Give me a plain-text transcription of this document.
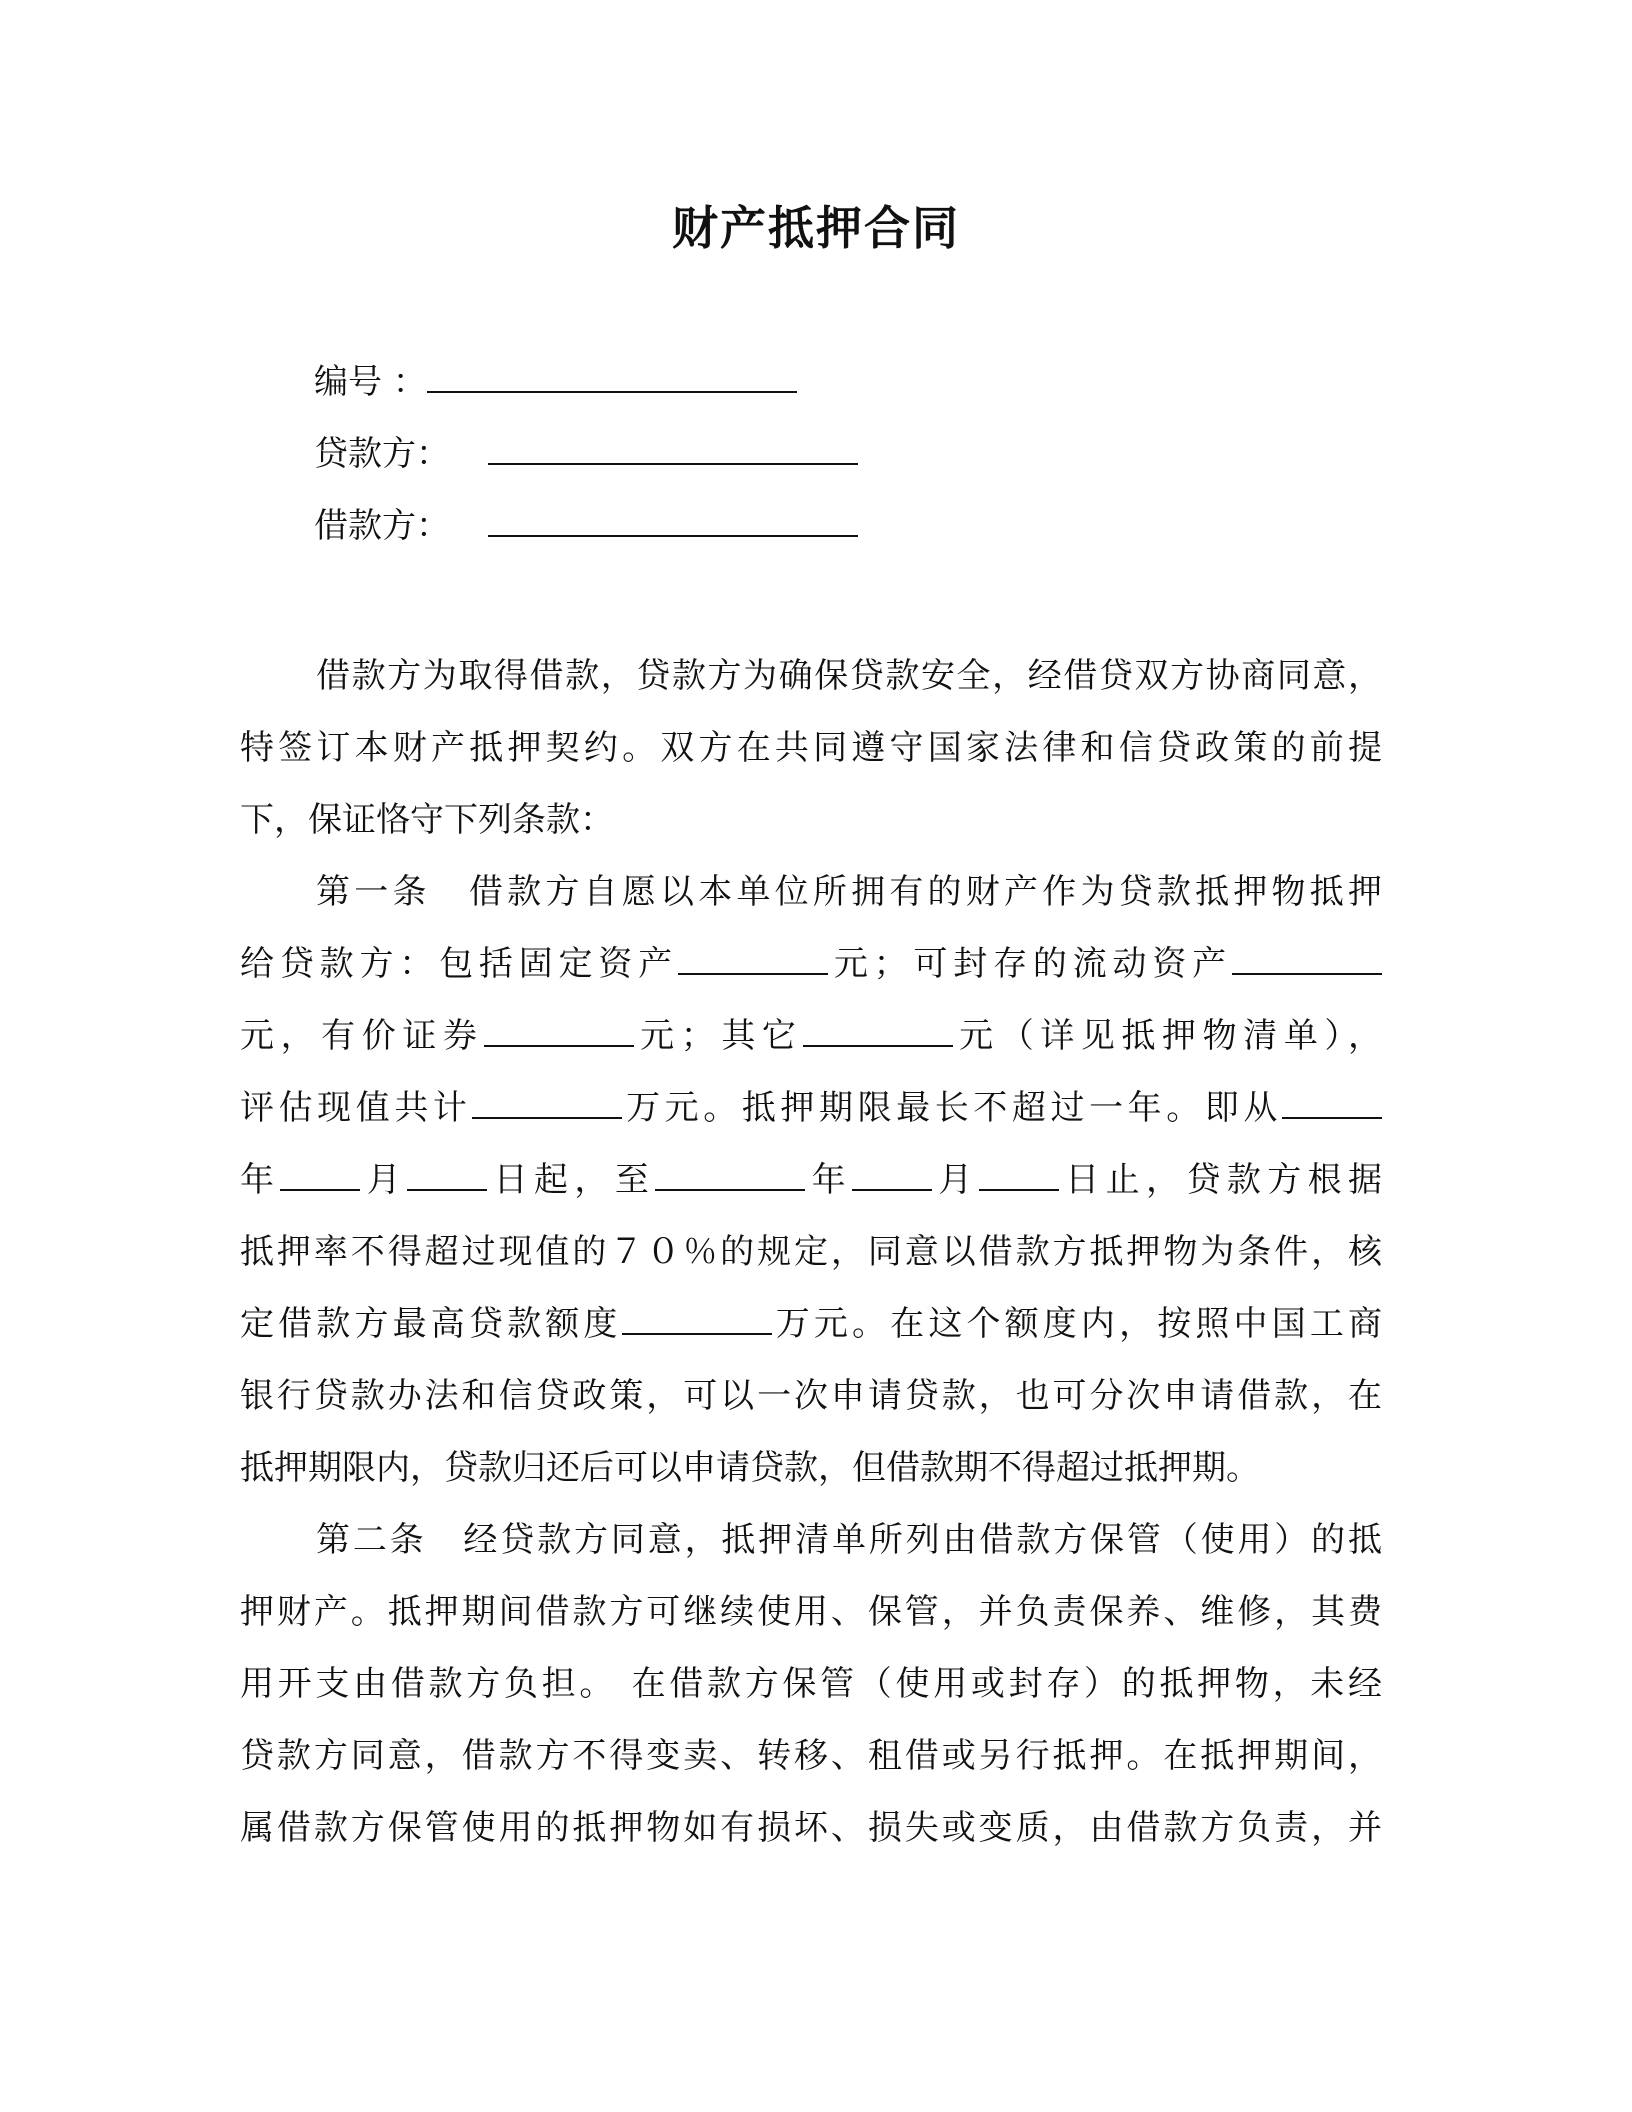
财产抵押合同
编号 ：
贷款方：
借款方：
借款方为取得借款，贷款方为确保贷款安全，经借贷双方协商同意，
特签订本财产抵押契约。双方在共同遵守国家法律和信贷政策的前提
下，保证恪守下列条款：
第一条　借款方自愿以本单位所拥有的财产作为贷款抵押物抵押
给贷款方：包括固定资产	元；可封存的流动资产
元，有价证券	元；其它	元（详见抵押物清单），
评估现值共计	万元。抵押期限最长不超过一年。即从
年 月 日起，至	年 月 日止，贷款方根据
抵押率不得超过现值的７０％的规定，同意以借款方抵押物为条件，核
定借款方最高贷款额度	万元。在这个额度内，按照中国工商
银行贷款办法和信贷政策，可以一次申请贷款，也可分次申请借款，在
抵押期限内，贷款归还后可以申请贷款，但借款期不得超过抵押期。
第二条　经贷款方同意，抵押清单所列由借款方保管（使用）的抵
押财产。抵押期间借款方可继续使用、保管，并负责保养、维修，其费
用开支由借款方负担。 在借款方保管（使用或封存）的抵押物，未经
贷款方同意，借款方不得变卖、转移、租借或另行抵押。在抵押期间，
属借款方保管使用的抵押物如有损坏、损失或变质，由借款方负责，并
